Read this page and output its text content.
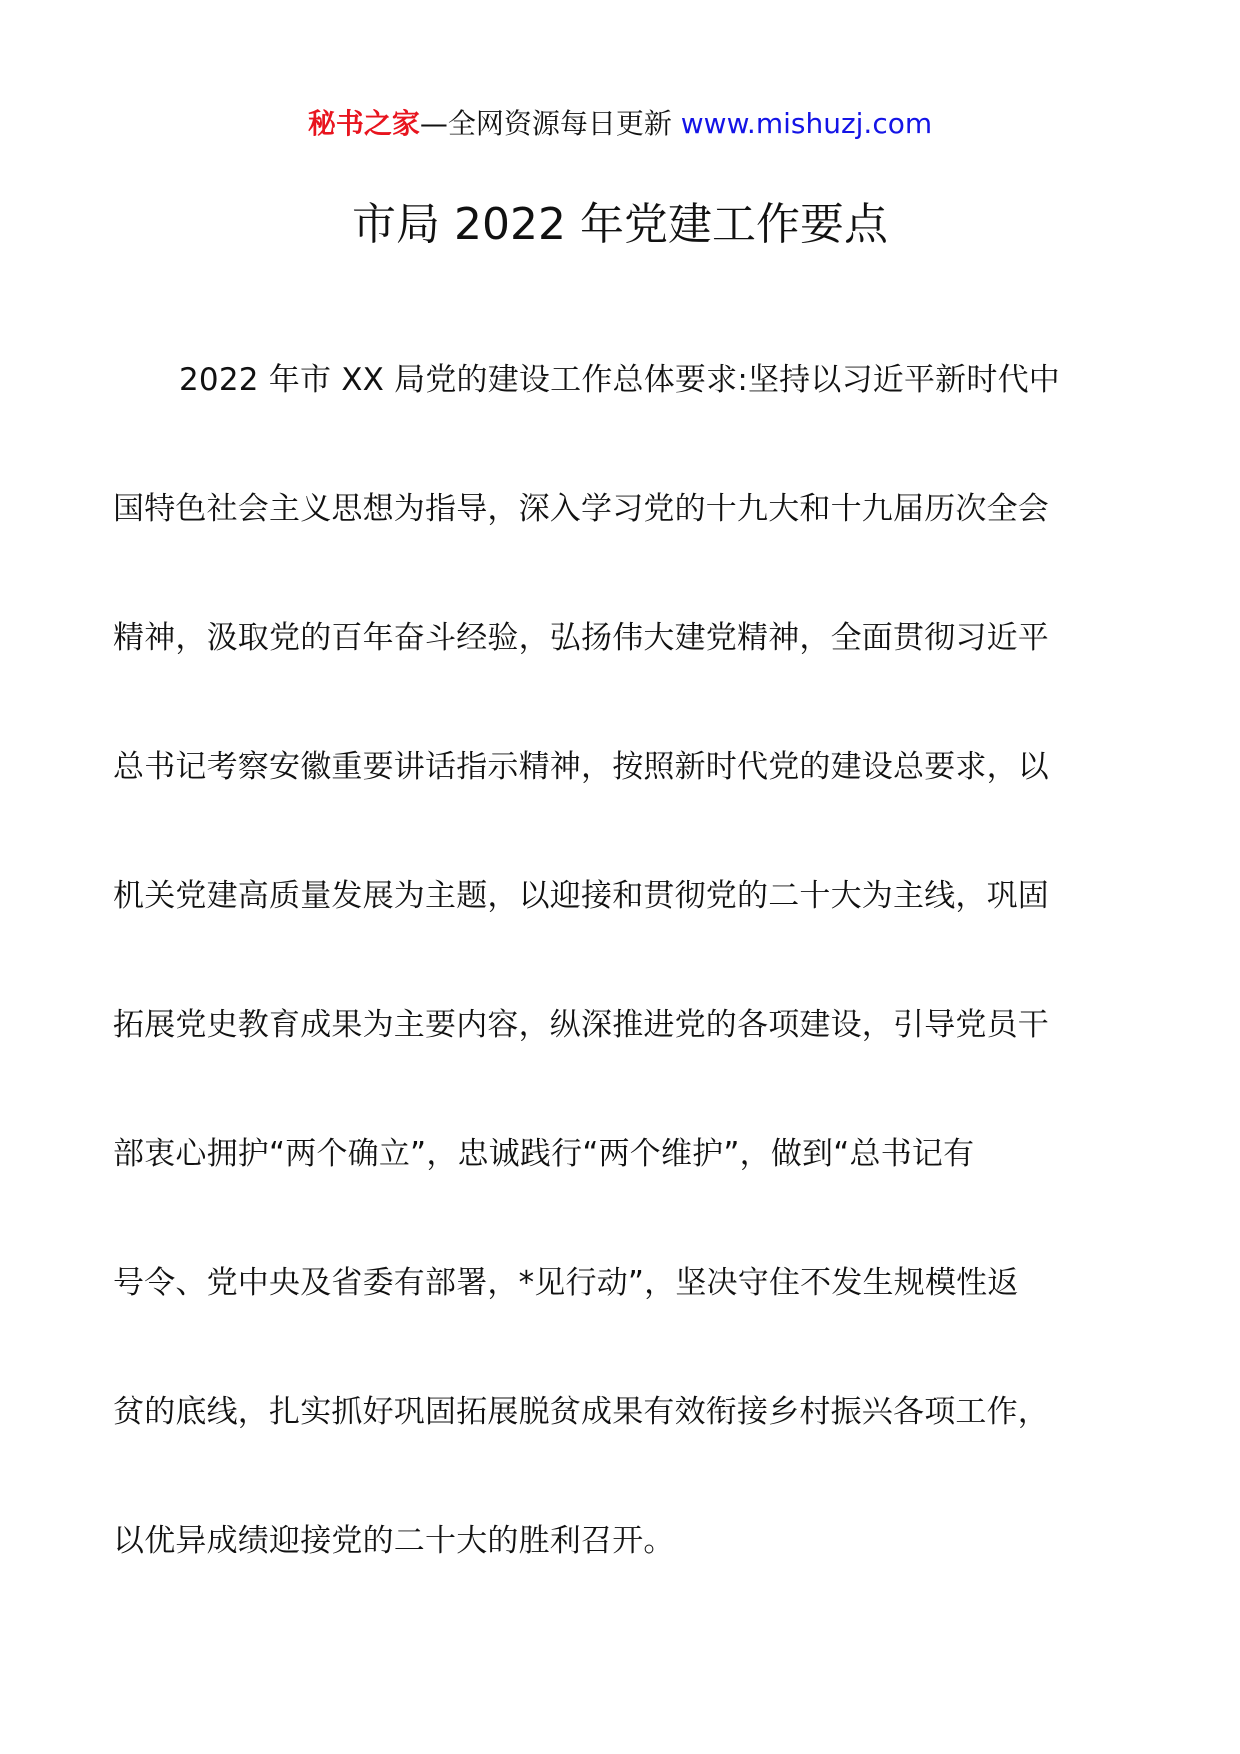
秘书之家—全网资源每日更新 www.mishuzj.com
市局 2022 年党建工作要点
2022 年市 XX 局党的建设工作总体要求:坚持以习近平新时代中
国特色社会主义思想为指导，深入学习党的十九大和十九届历次全会
精神，汲取党的百年奋斗经验，弘扬伟大建党精神，全面贯彻习近平
总书记考察安徽重要讲话指示精神，按照新时代党的建设总要求，以
机关党建高质量发展为主题，以迎接和贯彻党的二十大为主线，巩固
拓展党史教育成果为主要内容，纵深推进党的各项建设，引导党员干
部衷心拥护“两个确立”，忠诚践行“两个维护”，做到“总书记有
号令、党中央及省委有部署，*见行动”，坚决守住不发生规模性返
贫的底线，扎实抓好巩固拓展脱贫成果有效衔接乡村振兴各项工作，
以优异成绩迎接党的二十大的胜利召开。
